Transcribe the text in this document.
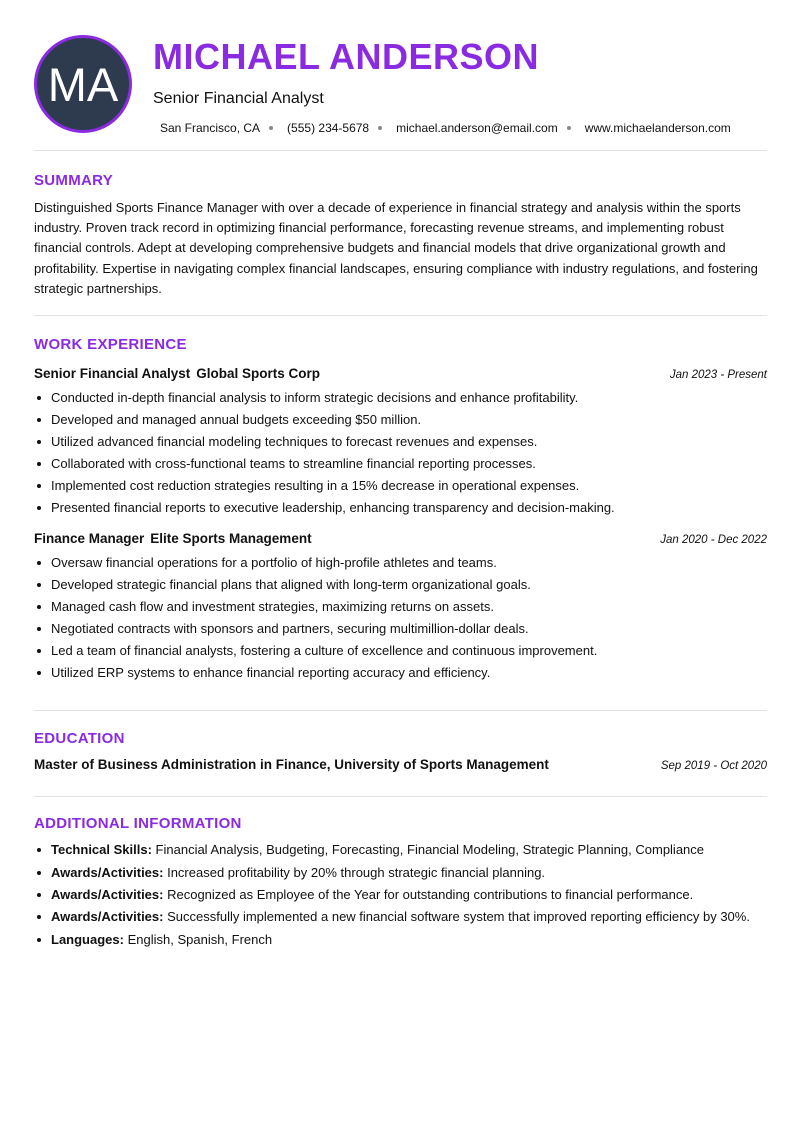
MA
MICHAEL ANDERSON
Senior Financial Analyst
San Francisco, CA (555) 234-5678 michael.anderson@email.com www.michaelanderson.com
SUMMARY

Distinguished Sports Finance Manager with over a decade of experience in financial strategy and analysis within the sports industry. Proven track record in optimizing financial performance, forecasting revenue streams, and implementing robust financial controls. Adept at developing comprehensive budgets and financial models that drive organizational growth and profitability. Expertise in navigating complex financial landscapes, ensuring compliance with industry regulations, and fostering strategic partnerships.

WORK EXPERIENCE
Senior Financial Analyst Global Sports Corp	Jan 2023 - Present
Conducted in-depth financial analysis to inform strategic decisions and enhance profitability.
Developed and managed annual budgets exceeding $50 million.
Utilized advanced financial modeling techniques to forecast revenues and expenses.
Collaborated with cross-functional teams to streamline financial reporting processes.
Implemented cost reduction strategies resulting in a 15% decrease in operational expenses.
Presented financial reports to executive leadership, enhancing transparency and decision-making.
Finance Manager Elite Sports Management	Jan 2020 - Dec 2022
Oversaw financial operations for a portfolio of high-profile athletes and teams.
Developed strategic financial plans that aligned with long-term organizational goals.
Managed cash flow and investment strategies, maximizing returns on assets.
Negotiated contracts with sponsors and partners, securing multimillion-dollar deals.
Led a team of financial analysts, fostering a culture of excellence and continuous improvement.
Utilized ERP systems to enhance financial reporting accuracy and efficiency.
EDUCATION
Master of Business Administration in Finance, University of Sports Management	Sep 2019 - Oct 2020
ADDITIONAL INFORMATION
Technical Skills: Financial Analysis, Budgeting, Forecasting, Financial Modeling, Strategic Planning, Compliance
Awards/Activities: Increased profitability by 20% through strategic financial planning.
Awards/Activities: Recognized as Employee of the Year for outstanding contributions to financial performance.
Awards/Activities: Successfully implemented a new financial software system that improved reporting efficiency by 30%.
Languages: English, Spanish, French
